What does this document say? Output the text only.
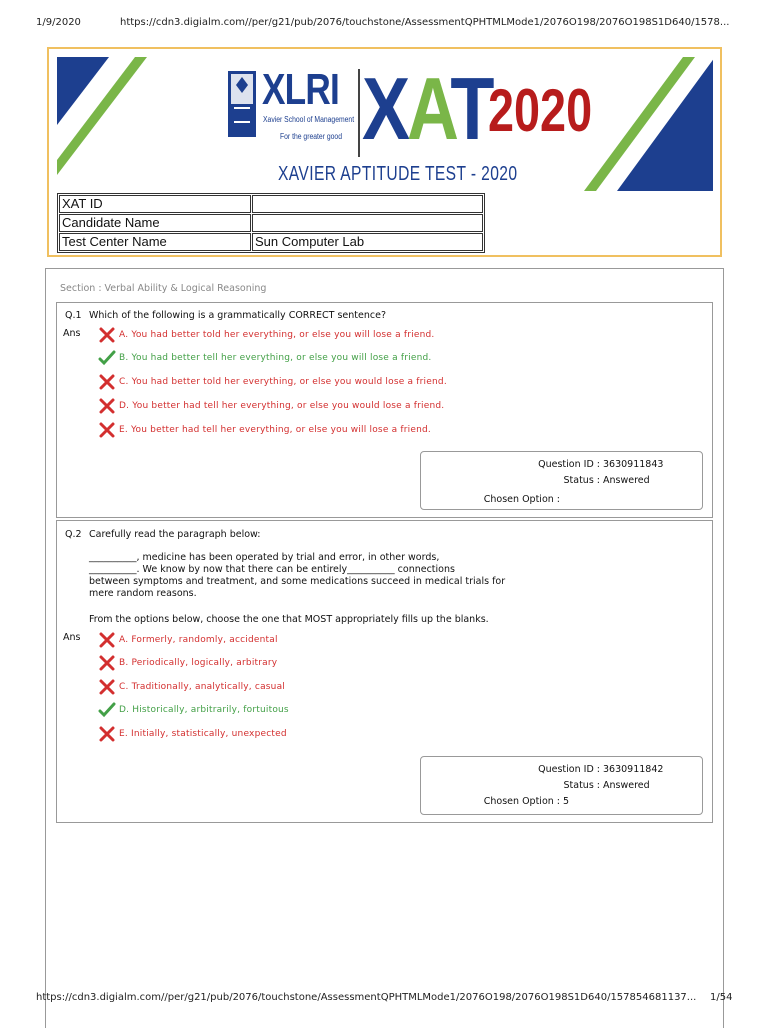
1/9/2020	https://cdn3.digialm.com//per/g21/pub/2076/touchstone/AssessmentQPHTMLMode1/2076O198/2076O198S1D640/1578...
XLRI
Xavier School of Management
For the greater good XAT
2020
XAVIER APTITUDE TEST - 2020
XAT ID	
Candidate Name	
Test Center Name	Sun Computer Lab
Section : Verbal Ability & Logical Reasoning
Q.1 Which of the following is a grammatically CORRECT sentence?
Ans	A. You had better told her everything, or else you will lose a friend.
B. You had better tell her everything, or else you will lose a friend.
C. You had better told her everything, or else you would lose a friend.
D. You better had tell her everything, or else you would lose a friend.
E. You better had tell her everything, or else you will lose a friend.
Question ID : 3630911843
Status : Answered
Chosen Option :
Q.2 Carefully read the paragraph below:
__________, medicine has been operated by trial and error, in other words,
__________. We know by now that there can be entirely__________ connections
between symptoms and treatment, and some medications succeed in medical trials for
mere random reasons.
From the options below, choose the one that MOST appropriately fills up the blanks.
Ans	A. Formerly, randomly, accidental
B. Periodically, logically, arbitrary
C. Traditionally, analytically, casual
D. Historically, arbitrarily, fortuitous
E. Initially, statistically, unexpected
Question ID : 3630911842
Status : Answered
Chosen Option : 5
https://cdn3.digialm.com//per/g21/pub/2076/touchstone/AssessmentQPHTMLMode1/2076O198/2076O198S1D640/157854681137... 1/54
